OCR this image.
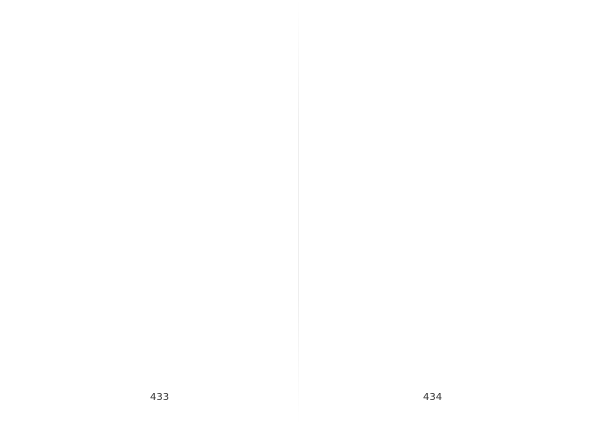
433	434
